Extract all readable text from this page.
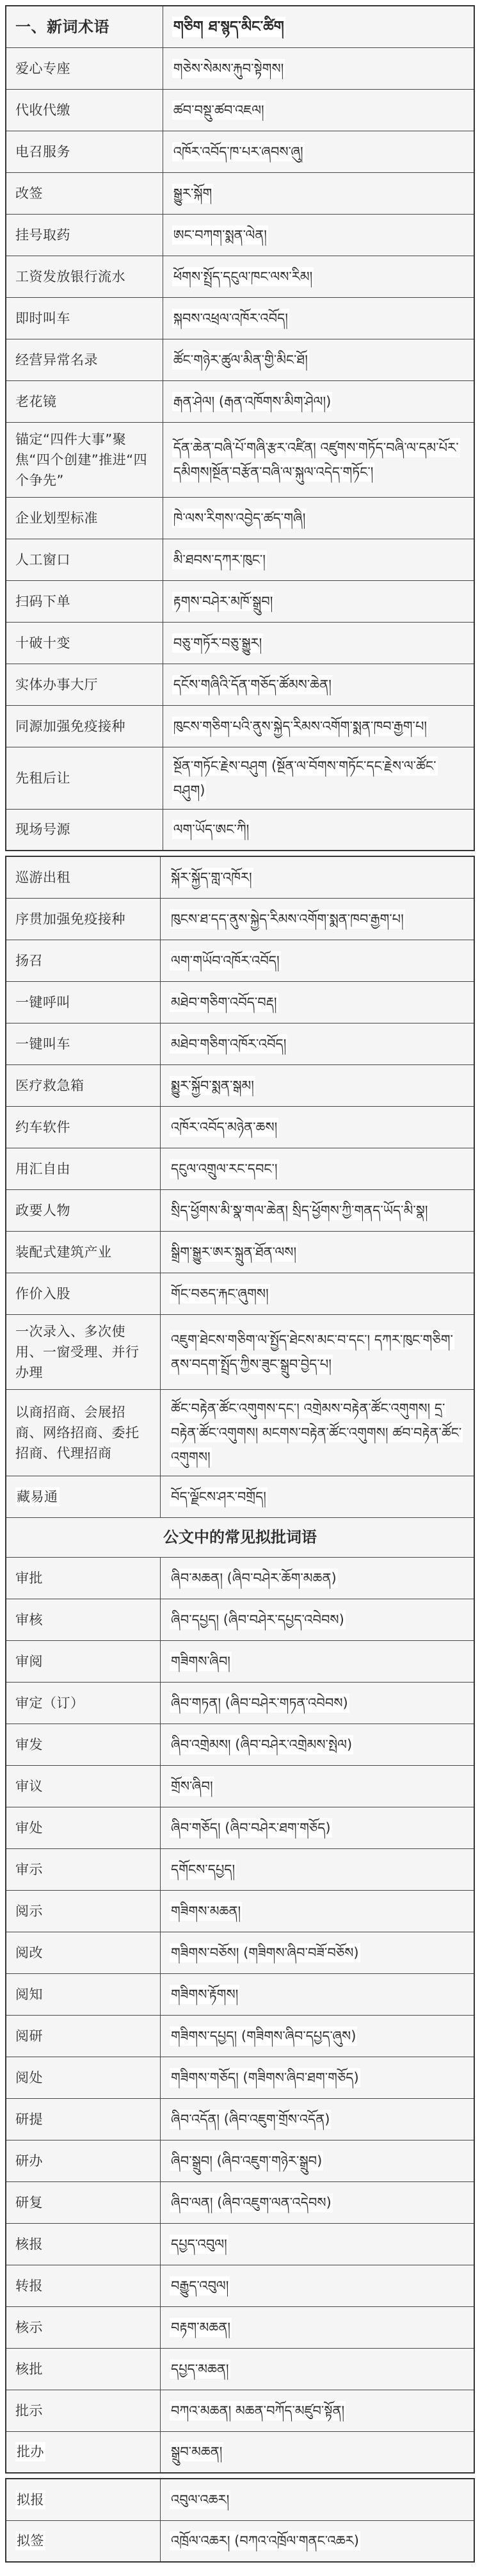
一、新词术语	གཅིག ཐ་སྙད་མིང་ཚིག
爱心专座	གཅེས་སེམས་རྐུབ་སྟེགས།
代收代缴	ཚབ་བསྡུ་ཚབ་འཇལ།
电召服务	འཁོར་འབོད་ཁ་པར་ཞབས་ཞུ།
改签	སྒྱུར་སྐོག
挂号取药	ཨང་བཀག་སྨན་ལེན།
工资发放银行流水	ཕོགས་སྤྲོད་དངུལ་ཁང་ལས་རིམ།
即时叫车	སྐབས་འཕྲལ་འཁོར་འབོད།
经营异常名录	ཚོང་གཉེར་ཚུལ་མིན་གྱི་མིང་ཐོ།
老花镜	རྒན་ཤེལ། (རྒན་འཁོགས་མིག་ཤེལ།)
锚定“四件大事”聚焦“四个创建”推进“四个争先”	དོན་ཆེན་བཞི་པོ་གཞི་རྩར་འཛིན། འཛུགས་གཏོད་བཞི་ལ་དམ་པོར་དམིགས།སྔོན་བརྩོན་བཞི་ལ་སྐུལ་འདེད་གཏོང་།
企业划型标准	ཁེ་ལས་རིགས་འབྱེད་ཚད་གཞི།
人工窗口	མི་ཐབས་དཀར་ཁུང་།
扫码下单	རྟགས་བཤེར་མཁོ་སྒྲུབ།
十破十变	བཅུ་གཏོར་བཅུ་སྒྱུར།
实体办事大厅	དངོས་གཞིའི་དོན་གཅོད་ཚོམས་ཆེན།
同源加强免疫接种	ཁུངས་གཅིག་པའི་ནུས་སྐྱེད་རིམས་འགོག་སྨན་ཁབ་རྒྱག་པ།
先租后让	སྔོན་གཏོང་རྗེས་བཤུག (སྔོན་ལ་བོགས་གཏོང་དང་རྗེས་ལ་ཚོང་བཤུག)
现场号源	ལག་ཡོད་ཨང་ཀི།
巡游出租	སྐོར་སྐྱོད་གླ་འཁོར།
序贯加强免疫接种	ཁུངས་ཐ་དད་ནུས་སྐྱེད་རིམས་འགོག་སྨན་ཁབ་རྒྱག་པ།
扬召	ལག་གཡོབ་འཁོར་འབོད།
一键呼叫	མཐེབ་གཅིག་འབོད་བརྡ།
一键叫车	མཐེབ་གཅིག་འཁོར་འབོད།
医疗救急箱	སྨྱུར་སྐྱོབ་སྨན་སྒམ།
约车软件	འཁོར་འབོད་མཉེན་ཆས།
用汇自由	དངུལ་འགྲུལ་རང་དབང་།
政要人物	སྲིད་ཕྱོགས་མི་སྣ་གལ་ཆེན། སྲིད་ཕྱོགས་ཀྱི་གནད་ཡོད་མི་སྣ།
装配式建筑产业	སྒྲིག་སྒྱུར་ཨར་སྐྲུན་ཐོན་ལས།
作价入股	གོང་བཅད་རྐང་ཞུགས།
一次录入、多次使用、一窗受理、并行办理	འཇུག་ཐེངས་གཅིག་ལ་སྤྱོད་ཐེངས་མང་བ་དང་། དཀར་ཁུང་གཅིག་ནས་བདག་སྤྲོད་ཀྱིས་ཟུང་སྒྲུབ་བྱེད་པ།
以商招商、会展招商、网络招商、委托招商、代理招商	ཚོང་བརྟེན་ཚོང་འགུགས་དང་། འགྲེམས་བརྟེན་ཚོང་འགུགས། དྲ་བརྟེན་ཚོང་འགུགས། མངགས་བརྟེན་ཚོང་འགུགས། ཚབ་བརྟེན་ཚོང་འགུགས།
藏易通	བོད་ལྗོངས་ཤར་བགྲོད།
公文中的常见拟批词语	
审批	ཞིབ་མཆན། (ཞིབ་བཤེར་ཆོག་མཆན)
审核	ཞིབ་དཔྱད། (ཞིབ་བཤེར་དཔྱད་འབེབས)
审阅	གཟིགས་ཞིབ།
审定（订）	ཞིབ་གཏན། (ཞིབ་བཤེར་གཏན་འབེབས)
审发	ཞིབ་འགྲེམས། (ཞིབ་བཤེར་འགྲེམས་སྤེལ)
审议	གྲོས་ཞིབ།
审处	ཞིབ་གཅོད། (ཞིབ་བཤེར་ཐག་གཅོད)
审示	དགོངས་དཔྱད།
阅示	གཟིགས་མཆན།
阅改	གཟིགས་བཅོས། (གཟིགས་ཞིབ་བཟོ་བཅོས)
阅知	གཟིགས་རྟོགས།
阅研	གཟིགས་དཔྱད། (གཟིགས་ཞིབ་དཔྱད་ཞུས)
阅处	གཟིགས་གཅོད། (གཟིགས་ཞིབ་ཐག་གཅོད)
研提	ཞིབ་འདོན། (ཞིབ་འཇུག་གྲོས་འདོན)
研办	ཞིབ་སྒྲུབ། (ཞིབ་འཇུག་གཉེར་སྒྲུབ)
研复	ཞིབ་ལན། (ཞིབ་འཇུག་ལན་འདེབས)
核报	དཔྱད་འབུལ།
转报	བརྒྱུད་འབུལ།
核示	བརྟག་མཆན།
核批	དཔྱད་མཆན།
批示	བཀའ་མཆན། མཆན་བཀོད་མཛུབ་སྟོན།
批办	སྒྲུབ་མཆན།
拟报	འབུལ་འཆར།
拟签	འཁྲོལ་འཆར། (བཀའ་འཁྲོལ་གནང་འཆར)
